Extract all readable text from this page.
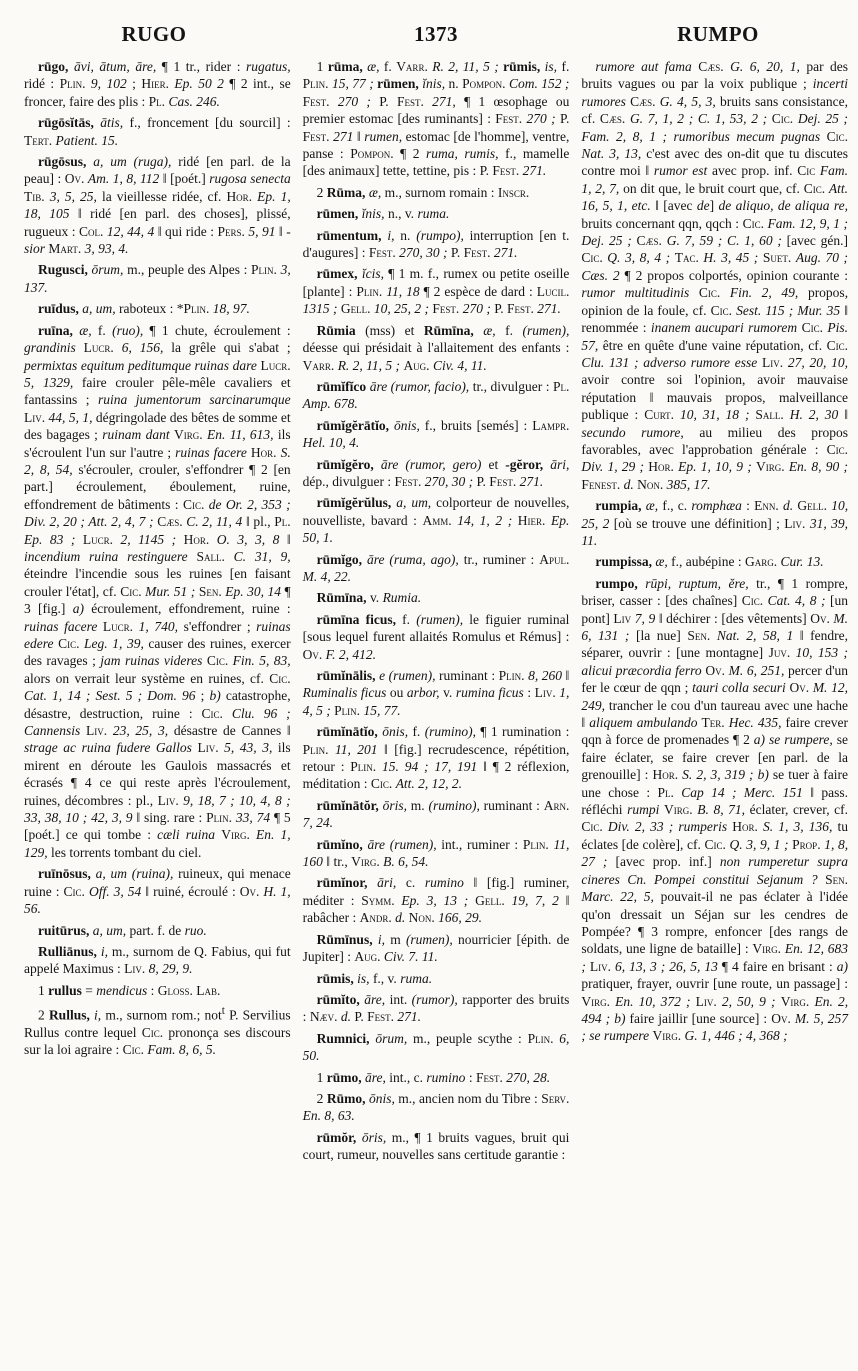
RUGO	1373	RUMPO

rūgo, āvi, ātum, āre, ¶ 1 tr., rider : rugatus, ridé : Plin. 9, 102 ; Hier. Ep. 50 2 ¶ 2 int., se froncer, faire des plis : Pl. Cas. 246.

rūgōsĭtās, ātis, f., froncement [du sourcil] : Tert. Patient. 15.

rūgōsus, a, um (ruga), ridé [en parl. de la peau] : Ov. Am. 1, 8, 112 ‖ [poét.] rugosa senecta Tib. 3, 5, 25, la vieillesse ridée, cf. Hor. Ep. 1, 18, 105 ‖ ridé [en parl. des choses], plissé, rugueux : Col. 12, 44, 4 ‖ qui ride : Pers. 5, 91 ‖ -sior Mart. 3, 93, 4.

Rugusci, ōrum, m., peuple des Alpes : Plin. 3, 137.

ruīdus, a, um, raboteux : *Plin. 18, 97.

ruīna, æ, f. (ruo), ¶ 1 chute, écroulement : grandinis Lucr. 6, 156, la grêle qui s'abat ; permixtas equitum peditumque ruinas dare Lucr. 5, 1329, faire crouler pêle-mêle cavaliers et fantassins ; ruina jumentorum sarcinarumque Liv. 44, 5, 1, dégringolade des bêtes de somme et des bagages ; ruinam dant Virg. En. 11, 613, ils s'écroulent l'un sur l'autre ; ruinas facere Hor. S. 2, 8, 54, s'écrouler, crouler, s'effondrer ¶ 2 [en part.] écroulement, éboulement, ruine, effondrement de bâtiments : Cic. de Or. 2, 353 ; Div. 2, 20 ; Att. 2, 4, 7 ; Cæs. C. 2, 11, 4 ‖ pl., Pl. Ep. 83 ; Lucr. 2, 1145 ; Hor. O. 3, 3, 8 ‖ incendium ruina restinguere Sall. C. 31, 9, éteindre l'incendie sous les ruines [en faisant crouler l'état], cf. Cic. Mur. 51 ; Sen. Ep. 30, 14 ¶ 3 [fig.] a) écroulement, effondrement, ruine : ruinas facere Lucr. 1, 740, s'effondrer ; ruinas edere Cic. Leg. 1, 39, causer des ruines, exercer des ravages ; jam ruinas videres Cic. Fin. 5, 83, alors on verrait leur système en ruines, cf. Cic. Cat. 1, 14 ; Sest. 5 ; Dom. 96 ; b) catastrophe, désastre, destruction, ruine : Cic. Clu. 96 ; Cannensis Liv. 23, 25, 3, désastre de Cannes ‖ strage ac ruina fudere Gallos Liv. 5, 43, 3, ils mirent en déroute les Gaulois massacrés et écrasés ¶ 4 ce qui reste après l'écroulement, ruines, décombres : pl., Liv. 9, 18, 7 ; 10, 4, 8 ; 33, 38, 10 ; 42, 3, 9 ‖ sing. rare : Plin. 33, 74 ¶ 5 [poét.] ce qui tombe : cæli ruina Virg. En. 1, 129, les torrents tombant du ciel.

ruīnōsus, a, um (ruina), ruineux, qui menace ruine : Cic. Off. 3, 54 ‖ ruiné, écroulé : Ov. H. 1, 56.

ruitūrus, a, um, part. f. de ruo.

Rulliānus, i, m., surnom de Q. Fabius, qui fut appelé Maximus : Liv. 8, 29, 9.

1 rullus = mendicus : Gloss. Lab.

2 Rullus, i, m., surnom rom.; not$^t$ P. Servilius Rullus contre lequel Cic. prononça ses discours sur la loi agraire : Cic. Fam. 8, 6, 5.

1 rūma, æ, f. Varr. R. 2, 11, 5 ; rūmis, is, f. Plin. 15, 77 ; rūmen, ĭnis, n. Pompon. Com. 152 ; Fest. 270 ; P. Fest. 271, ¶ 1 œsophage ou premier estomac [des ruminants] : Fest. 270 ; P. Fest. 271 ‖ rumen, estomac [de l'homme], ventre, panse : Pompon. ¶ 2 ruma, rumis, f., mamelle [des animaux] tette, tettine, pis : P. Fest. 271.

2 Rūma, æ, m., surnom romain : Inscr.

rūmen, ĭnis, n., v. ruma.

rūmentum, i, n. (rumpo), interruption [en t. d'augures] : Fest. 270, 30 ; P. Fest. 271.

rūmex, ĭcis, ¶ 1 m. f., rumex ou petite oseille [plante] : Plin. 11, 18 ¶ 2 espèce de dard : Lucil. 1315 ; Gell. 10, 25, 2 ; Fest. 270 ; P. Fest. 271.

Rūmia (mss) et Rūmīna, æ, f. (rumen), déesse qui présidait à l'allaitement des enfants : Varr. R. 2, 11, 5 ; Aug. Civ. 4, 11.

rūmĭfĭco āre (rumor, facio), tr., divulguer : Pl. Amp. 678.

rūmĭgĕrātĭo, ōnis, f., bruits [semés] : Lampr. Hel. 10, 4.

rūmĭgĕro, āre (rumor, gero) et -gĕror, āri, dép., divulguer : Fest. 270, 30 ; P. Fest. 271.

rūmĭgĕrŭlus, a, um, colporteur de nouvelles, nouvelliste, bavard : Amm. 14, 1, 2 ; Hier. Ep. 50, 1.

rūmĭgo, āre (ruma, ago), tr., ruminer : Apul. M. 4, 22.

Rūmīna, v. Rumia.

rūmīna ficus, f. (rumen), le figuier ruminal [sous lequel furent allaités Romulus et Rémus] : Ov. F. 2, 412.

rūmĭnālis, e (rumen), ruminant : Plin. 8, 260 ‖ Ruminalis ficus ou arbor, v. rumina ficus : Liv. 1, 4, 5 ; Plin. 15, 77.

rūmĭnātĭo, ōnis, f. (rumino), ¶ 1 rumination : Plin. 11, 201 ‖ [fig.] recrudescence, répétition, retour : Plin. 15. 94 ; 17, 191 ‖ ¶ 2 réflexion, méditation : Cic. Att. 2, 12, 2.

rūmĭnātŏr, ōris, m. (rumino), ruminant : Arn. 7, 24.

rūmĭno, āre (rumen), int., ruminer : Plin. 11, 160 ‖ tr., Virg. B. 6, 54.

rūmĭnor, āri, c. rumino ‖ [fig.] ruminer, méditer : Symm. Ep. 3, 13 ; Gell. 19, 7, 2 ‖ rabâcher : Andr. d. Non. 166, 29.

Rūmīnus, i, m (rumen), nourricier [épith. de Jupiter] : Aug. Civ. 7. 11.

rūmis, is, f., v. ruma.

rūmĭto, āre, int. (rumor), rapporter des bruits : Næv. d. P. Fest. 271.

Rumnici, ōrum, m., peuple scythe : Plin. 6, 50.

1 rūmo, āre, int., c. rumino : Fest. 270, 28.

2 Rūmo, ōnis, m., ancien nom du Tibre : Serv. En. 8, 63.

rūmŏr, ōris, m., ¶ 1 bruits vagues, bruit qui court, rumeur, nouvelles sans certitude garantie :

rumore aut fama Cæs. G. 6, 20, 1, par des bruits vagues ou par la voix publique ; incerti rumores Cæs. G. 4, 5, 3, bruits sans consistance, cf. Cæs. G. 7, 1, 2 ; C. 1, 53, 2 ; Cic. Dej. 25 ; Fam. 2, 8, 1 ; rumoribus mecum pugnas Cic. Nat. 3, 13, c'est avec des on-dit que tu discutes contre moi ‖ rumor est avec prop. inf. Cic Fam. 1, 2, 7, on dit que, le bruit court que, cf. Cic. Att. 16, 5, 1, etc. ‖ [avec de] de aliquo, de aliqua re, bruits concernant qqn, qqch : Cic. Fam. 12, 9, 1 ; Dej. 25 ; Cæs. G. 7, 59 ; C. 1, 60 ; [avec gén.] Cic. Q. 3, 8, 4 ; Tac. H. 3, 45 ; Suet. Aug. 70 ; Cæs. 2 ¶ 2 propos colportés, opinion courante : rumor multitudinis Cic. Fin. 2, 49, propos, opinion de la foule, cf. Cic. Sest. 115 ; Mur. 35 ‖ renommée : inanem aucupari rumorem Cic. Pis. 57, être en quête d'une vaine réputation, cf. Cic. Clu. 131 ; adverso rumore esse Liv. 27, 20, 10, avoir contre soi l'opinion, avoir mauvaise réputation ‖ mauvais propos, malveillance publique : Curt. 10, 31, 18 ; Sall. H. 2, 30 ‖ secundo rumore, au milieu des propos favorables, avec l'approbation générale : Cic. Div. 1, 29 ; Hor. Ep. 1, 10, 9 ; Virg. En. 8, 90 ; Fenest. d. Non. 385, 17.

rumpia, æ, f., c. romphæa : Enn. d. Gell. 10, 25, 2 [où se trouve une définition] ; Liv. 31, 39, 11.

rumpissa, æ, f., aubépine : Garg. Cur. 13.

rumpo, rūpi, ruptum, ĕre, tr., ¶ 1 rompre, briser, casser : [des chaînes] Cic. Cat. 4, 8 ; [un pont] Liv 7, 9 ‖ déchirer : [des vêtements] Ov. M. 6, 131 ; [la nue] Sen. Nat. 2, 58, 1 ‖ fendre, séparer, ouvrir : [une montagne] Juv. 10, 153 ; alicui præcordia ferro Ov. M. 6, 251, percer d'un fer le cœur de qqn ; tauri colla securi Ov. M. 12, 249, trancher le cou d'un taureau avec une hache ‖ aliquem ambulando Ter. Hec. 435, faire crever qqn à force de promenades ¶ 2 a) se rumpere, se faire éclater, se faire crever [en parl. de la grenouille] : Hor. S. 2, 3, 319 ; b) se tuer à faire une chose : Pl. Cap 14 ; Merc. 151 ‖ pass. réfléchi rumpi Virg. B. 8, 71, éclater, crever, cf. Cic. Div. 2, 33 ; rumperis Hor. S. 1, 3, 136, tu éclates [de colère], cf. Cic. Q. 3, 9, 1 ; Prop. 1, 8, 27 ; [avec prop. inf.] non rumperetur supra cineres Cn. Pompei constitui Sejanum ? Sen. Marc. 22, 5, pouvait-il ne pas éclater à l'idée qu'on dressait un Séjan sur les cendres de Pompée? ¶ 3 rompre, enfoncer [des rangs de soldats, une ligne de bataille] : Virg. En. 12, 683 ; Liv. 6, 13, 3 ; 26, 5, 13 ¶ 4 faire en brisant : a) pratiquer, frayer, ouvrir [une route, un passage] : Virg. En. 10, 372 ; Liv. 2, 50, 9 ; Virg. En. 2, 494 ; b) faire jaillir [une source] : Ov. M. 5, 257 ; se rumpere Virg. G. 1, 446 ; 4, 368 ;
